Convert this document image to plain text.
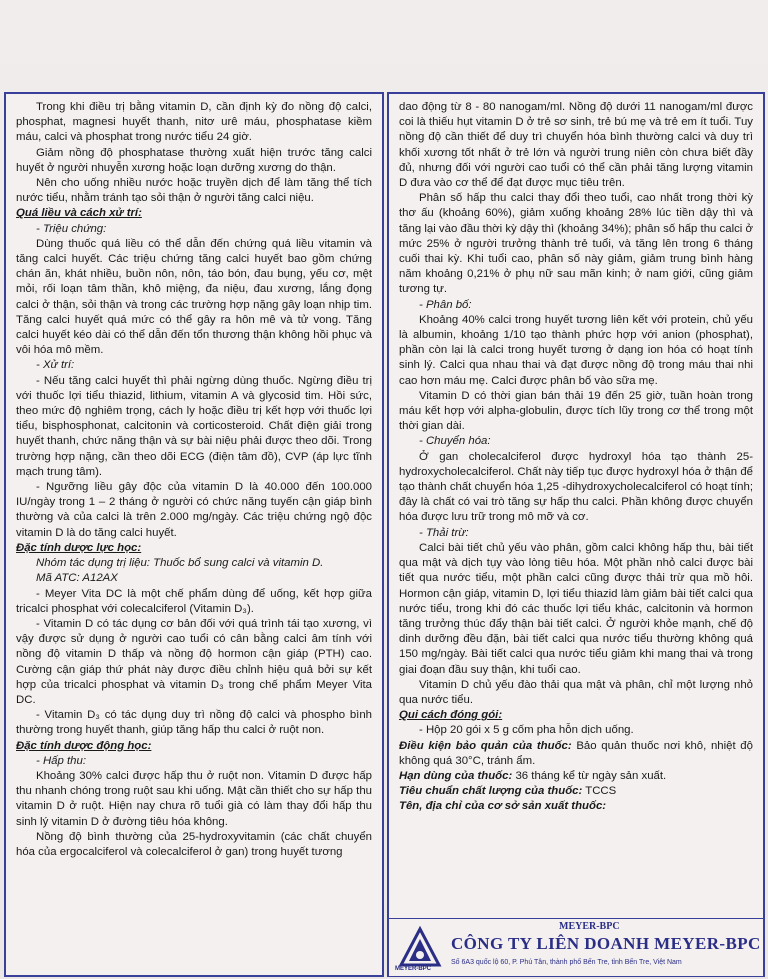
Trong khi điều trị bằng vitamin D, cần định kỳ đo nồng độ calci, phosphat, magnesi huyết thanh, nitơ urê máu, phosphatase kiềm máu, calci và phosphat trong nước tiểu 24 giờ.

Giảm nồng độ phosphatase thường xuất hiện trước tăng calci huyết ở người nhuyễn xương hoặc loạn dưỡng xương do thận.

Nên cho uống nhiều nước hoặc truyền dịch để làm tăng thể tích nước tiểu, nhằm tránh tạo sỏi thận ở người tăng calci niệu.

Quá liều và cách xử trí:

- Triệu chứng:

Dùng thuốc quá liều có thể dẫn đến chứng quá liều vitamin và tăng calci huyết. Các triệu chứng tăng calci huyết bao gồm chứng chán ăn, khát nhiều, buồn nôn, nôn, táo bón, đau bụng, yếu cơ, mệt mỏi, rối loạn tâm thần, khô miệng, đa niệu, đau xương, lắng đọng calci ở thận, sỏi thận và trong các trường hợp nặng gây loạn nhịp tim. Tăng calci huyết quá mức có thể gây ra hôn mê và tử vong. Tăng calci huyết kéo dài có thể dẫn đến tổn thương thận không hồi phục và vôi hóa mô mềm.

- Xử trí:

- Nếu tăng calci huyết thì phải ngừng dùng thuốc. Ngừng điều trị với thuốc lợi tiểu thiazid, lithium, vitamin A và glycosid tim. Hồi sức, theo mức độ nghiêm trọng, cách ly hoặc điều trị kết hợp với thuốc lợi tiểu, bisphosphonat, calcitonin và corticosteroid. Chất điện giải trong huyết thanh, chức năng thận và sự bài niệu phải được theo dõi. Trong trường hợp nặng, cần theo dõi ECG (điện tâm đồ), CVP (áp lực tĩnh mạch trung tâm).

- Ngưỡng liều gây độc của vitamin D là 40.000 đến 100.000 IU/ngày trong 1 – 2 tháng ở người có chức năng tuyến cận giáp bình thường và của calci là trên 2.000 mg/ngày. Các triệu chứng ngộ độc vitamin D là do tăng calci huyết.

Đặc tính dược lực học:

Nhóm tác dụng trị liệu: Thuốc bổ sung calci và vitamin D.

Mã ATC: A12AX

- Meyer Vita DC là một chế phẩm dùng để uống, kết hợp giữa tricalci phosphat với colecalciferol (Vitamin D₃).

- Vitamin D có tác dụng cơ bản đối với quá trình tái tạo xương, vì vậy được sử dụng ở người cao tuổi có cân bằng calci âm tính với nồng độ vitamin D thấp và nồng độ hormon cận giáp (PTH) cao. Cường cận giáp thứ phát này được điều chỉnh hiệu quả bởi sự kết hợp của tricalci phosphat và vitamin D₃ trong chế phẩm Meyer Vita DC.

- Vitamin D₃ có tác dụng duy trì nồng độ calci và phospho bình thường trong huyết thanh, giúp tăng hấp thu calci ở ruột non.

Đặc tính dược động học:

- Hấp thu:

Khoảng 30% calci được hấp thu ở ruột non. Vitamin D được hấp thu nhanh chóng trong ruột sau khi uống. Mật cần thiết cho sự hấp thu vitamin D ở ruột. Hiện nay chưa rõ tuổi già có làm thay đổi hấp thu sinh lý vitamin D ở đường tiêu hóa không.

Nồng độ bình thường của 25-hydroxyvitamin (các chất chuyển hóa của ergocalciferol và colecalciferol ở gan) trong huyết tương

dao động từ 8 - 80 nanogam/ml. Nồng độ dưới 11 nanogam/ml được coi là thiếu hụt vitamin D ở trẻ sơ sinh, trẻ bú mẹ và trẻ em ít tuổi. Tuy nồng độ cần thiết để duy trì chuyển hóa bình thường calci và duy trì khối xương tốt nhất ở trẻ lớn và người trung niên còn chưa biết đầy đủ, nhưng đối với người cao tuổi có thể cần phải tăng lượng vitamin D đưa vào cơ thể để đạt được mục tiêu trên.

Phân số hấp thu calci thay đổi theo tuổi, cao nhất trong thời kỳ thơ ấu (khoảng 60%), giảm xuống khoảng 28% lúc tiền dậy thì và tăng lại vào đầu thời kỳ dậy thì (khoảng 34%); phân số hấp thu calci ở mức 25% ở người trưởng thành trẻ tuổi, và tăng lên trong 6 tháng cuối thai kỳ. Khi tuổi cao, phân số này giảm, giảm trung bình hàng năm khoảng 0,21% ở phụ nữ sau mãn kinh; ở nam giới, cũng giảm tương tự.

- Phân bố:

Khoảng 40% calci trong huyết tương liên kết với protein, chủ yếu là albumin, khoảng 1/10 tạo thành phức hợp với anion (phosphat), phần còn lại là calci trong huyết tương ở dạng ion hóa có hoạt tính sinh lý. Calci qua nhau thai và đạt được nồng độ trong máu thai nhi cao hơn máu mẹ. Calci được phân bố vào sữa mẹ.

Vitamin D có thời gian bán thải 19 đến 25 giờ, tuần hoàn trong máu kết hợp với alpha-globulin, được tích lũy trong cơ thể trong một thời gian dài.

- Chuyển hóa:

Ở gan cholecalciferol được hydroxyl hóa tạo thành 25-hydroxycholecalciferol. Chất này tiếp tục được hydroxyl hóa ở thận để tạo thành chất chuyển hóa 1,25 -dihydroxycholecalciferol có hoạt tính; đây là chất có vai trò tăng sự hấp thu calci. Phần không được chuyển hóa được lưu trữ trong mô mỡ và cơ.

- Thải trừ:

Calci bài tiết chủ yếu vào phân, gồm calci không hấp thu, bài tiết qua mật và dịch tụy vào lòng tiêu hóa. Một phần nhỏ calci được bài tiết qua nước tiểu, một phần calci cũng được thải trừ qua mồ hôi. Hormon cận giáp, vitamin D, lợi tiểu thiazid làm giảm bài tiết calci qua nước tiểu, trong khi đó các thuốc lợi tiểu khác, calcitonin và hormon tăng trưởng thúc đẩy thận bài tiết calci. Ở người khỏe mạnh, chế độ dinh dưỡng đều đặn, bài tiết calci qua nước tiểu thường không quá 150 mg/ngày. Bài tiết calci qua nước tiểu giảm khi mang thai và trong giai đoạn đầu suy thận, khi tuổi cao.

Vitamin D chủ yếu đào thải qua mật và phân, chỉ một lượng nhỏ qua nước tiểu.

Qui cách đóng gói:

- Hộp 20 gói x 5 g cốm pha hỗn dịch uống.

Điều kiện bảo quản của thuốc: Bảo quản thuốc nơi khô, nhiệt độ không quá 30°C, tránh ẩm.

Hạn dùng của thuốc: 36 tháng kể từ ngày sản xuất.

Tiêu chuẩn chất lượng của thuốc: TCCS

Tên, địa chỉ của cơ sở sản xuất thuốc:

MEYER-BPC
MEYER-BPC
CÔNG TY LIÊN DOANH MEYER-BPC
Số 6A3 quốc lộ 60, P. Phú Tân, thành phố Bến Tre, tỉnh Bến Tre, Việt Nam
